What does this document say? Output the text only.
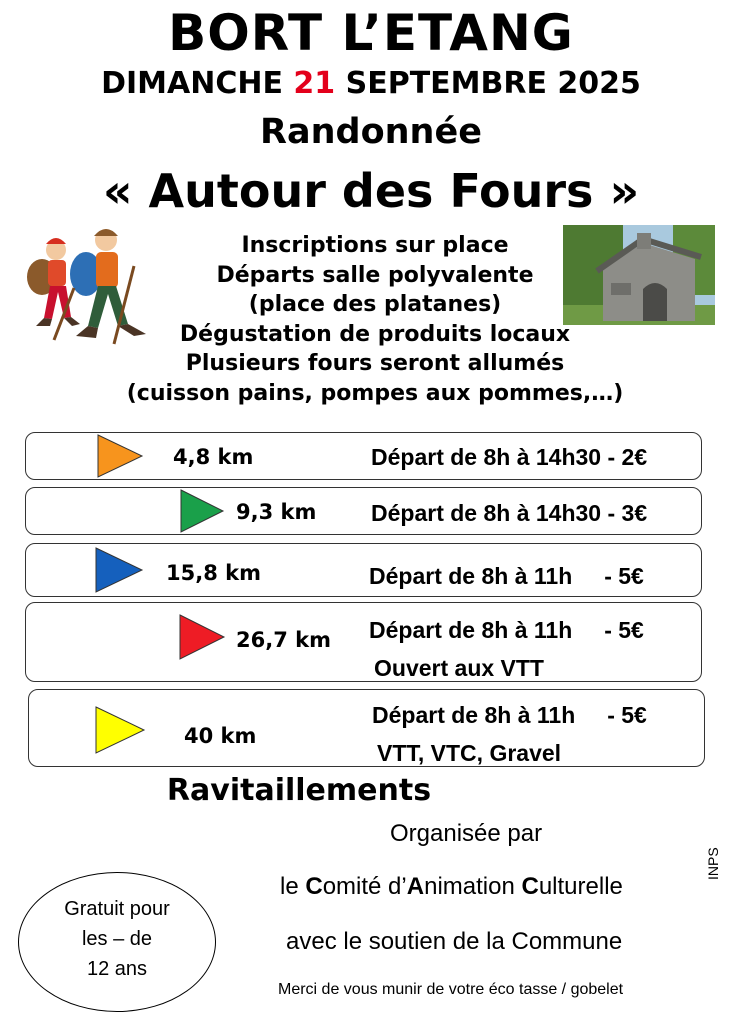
BORT L’ETANG
DIMANCHE 21 SEPTEMBRE 2025
Randonnée
« Autour des Fours »
Inscriptions sur place
Départs salle polyvalente
(place des platanes)
Dégustation de produits locaux
Plusieurs fours seront allumés
(cuisson pains, pompes aux pommes,…)
4,8 km	Départ de 8h à 14h30 - 2€
9,3 km Départ de 8h à 14h30 - 3€
15,8 km	Départ de 8h à 11h     - 5€
26,7 km Départ de 8h à 11h     - 5€
Ouvert aux VTT
40 km
Départ de 8h à 11h     - 5€
VTT, VTC, Gravel
Ravitaillements
Organisée par
le Comité d’Animation Culturelle
avec le soutien de la Commune
Merci de vous munir de votre éco tasse / gobelet
INPS
Gratuit pour
les – de
12 ans
